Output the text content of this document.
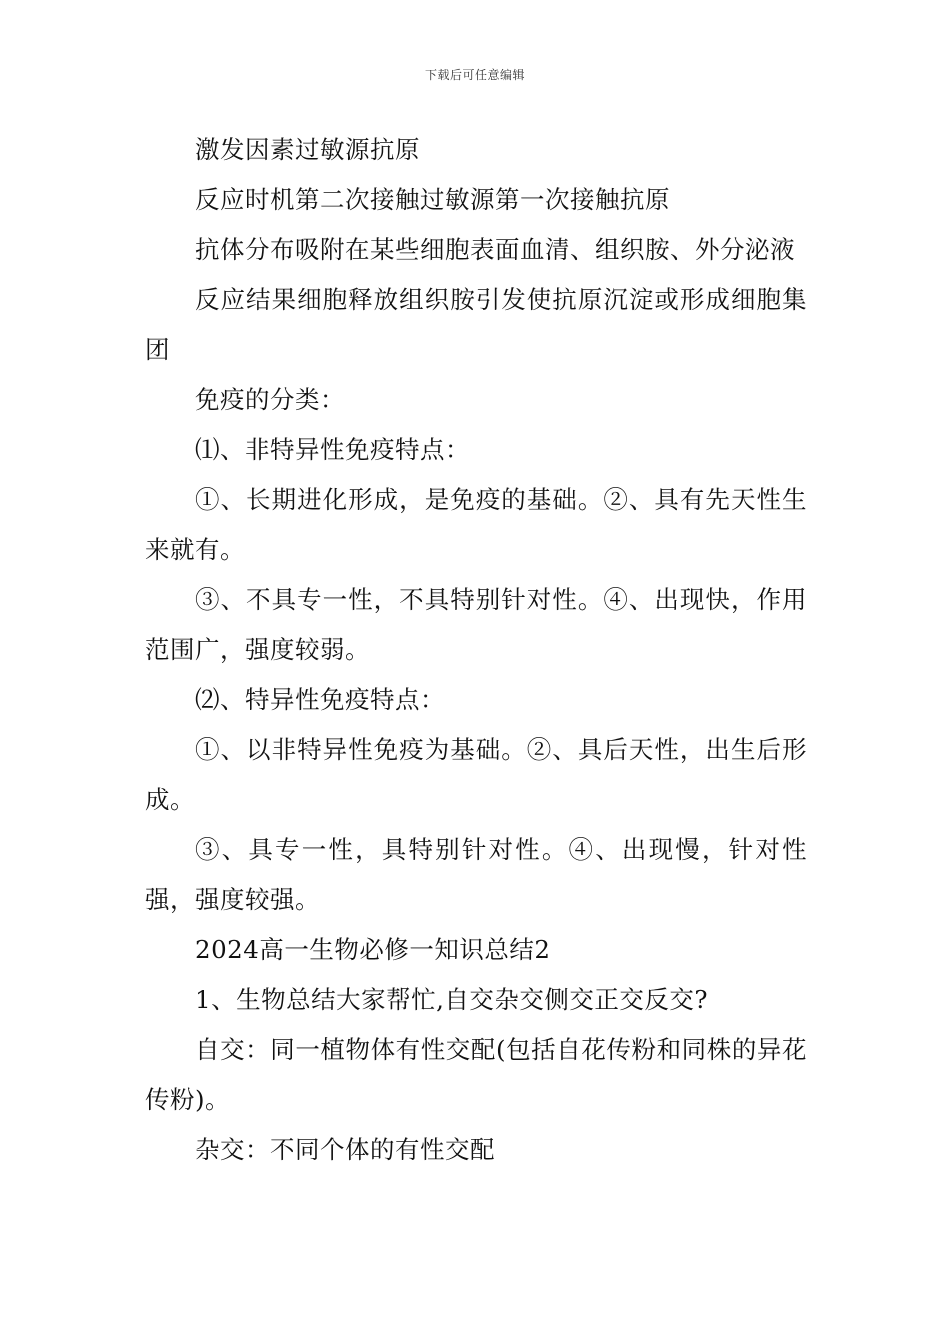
下载后可任意编辑

激发因素过敏源抗原

反应时机第二次接触过敏源第一次接触抗原

抗体分布吸附在某些细胞表面血清、组织胺、外分泌液

反应结果细胞释放组织胺引发使抗原沉淀或形成细胞集团

免疫的分类：

⑴、非特异性免疫特点：

①、长期进化形成，是免疫的基础。②、具有先天性生来就有。

③、不具专一性，不具特别针对性。④、出现快，作用范围广，强度较弱。

⑵、特异性免疫特点：

①、以非特异性免疫为基础。②、具后天性，出生后形成。

③、具专一性，具特别针对性。④、出现慢，针对性强，强度较强。

2024高一生物必修一知识总结2

1、生物总结大家帮忙,自交杂交侧交正交反交?

自交：同一植物体有性交配(包括自花传粉和同株的异花传粉)。

杂交：不同个体的有性交配
